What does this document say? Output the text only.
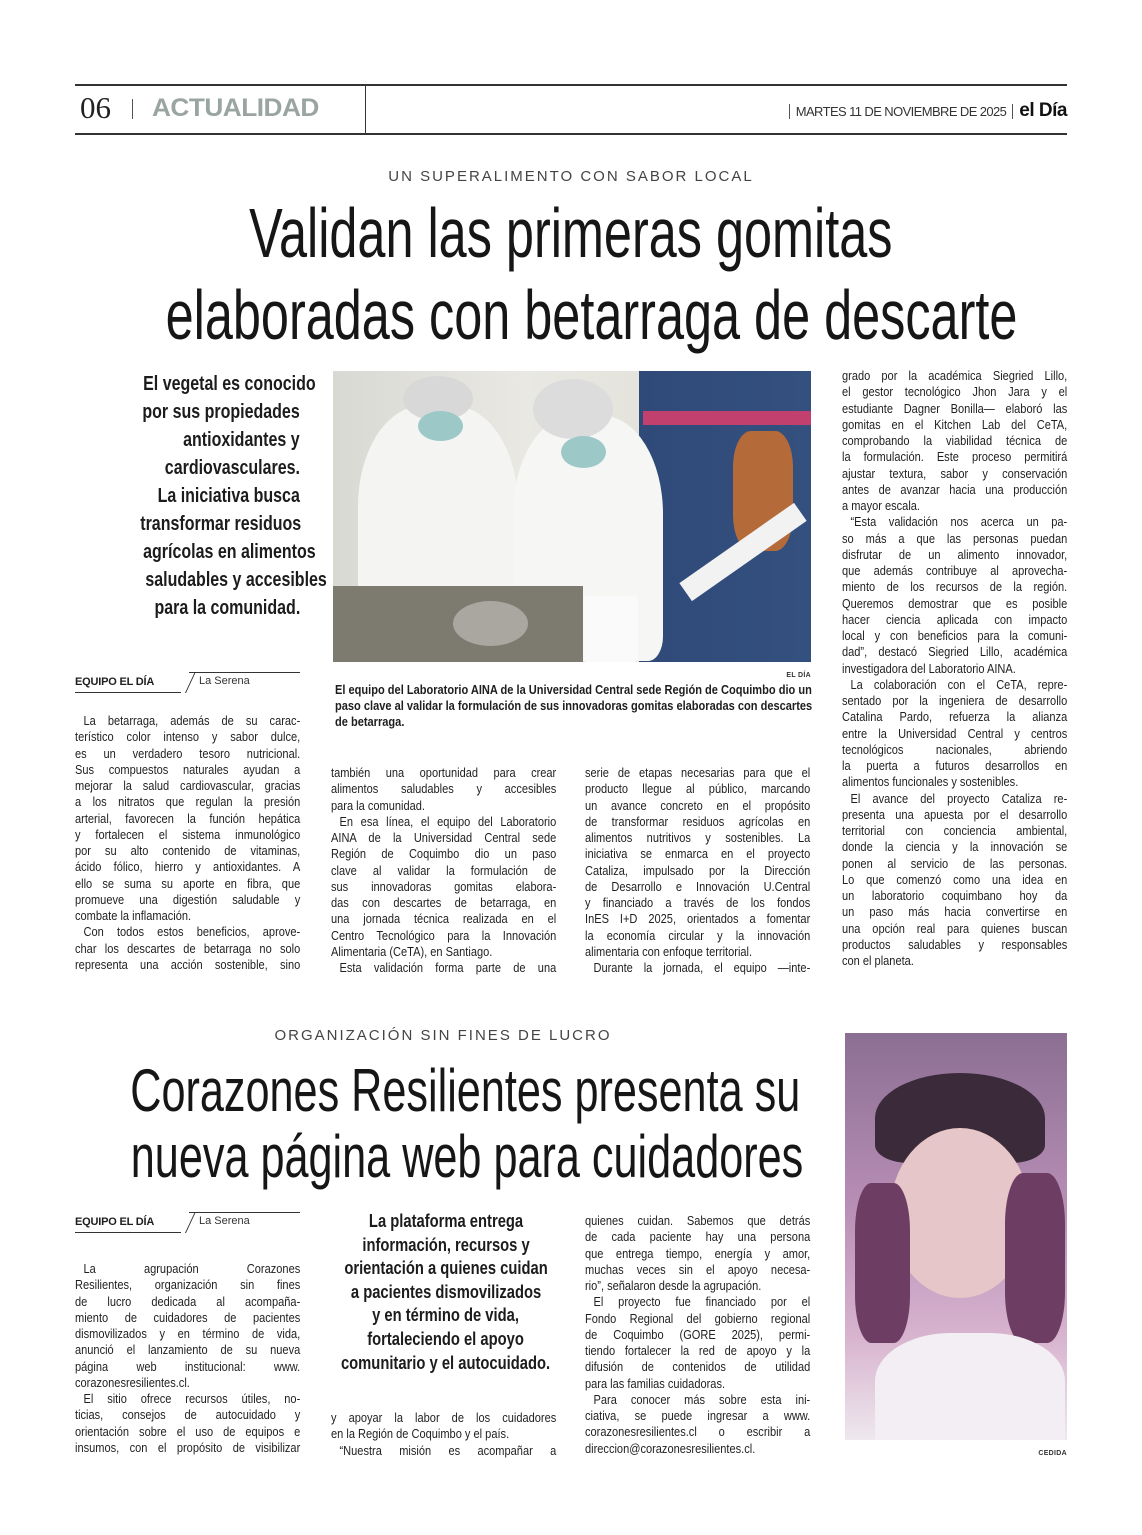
06 ACTUALIDAD	MARTES 11 DE NOVIEMBRE DE 2025 el Día
UN SUPERALIMENTO CON SABOR LOCAL
Validan las primeras gomitas
elaboradas con betarraga de descarte
El vegetal es conocido
por sus propiedades
antioxidantes y
cardiovasculares.
La iniciativa busca
transformar residuos
agrícolas en alimentos
saludables y accesibles
para la comunidad.
EQUIPO EL DÍA	La Serena	EL DÍA
El equipo del Laboratorio AINA de la Universidad Central sede Región de Coquimbo dio un
paso clave al validar la formulación de sus innovadoras gomitas elaboradas con descartes
de betarraga.
La betarraga, además de su carac-
terístico color intenso y sabor dulce,
es un verdadero tesoro nutricional.
Sus compuestos naturales ayudan a
mejorar la salud cardiovascular, gracias
a los nitratos que regulan la presión
arterial, favorecen la función hepática
y fortalecen el sistema inmunológico
por su alto contenido de vitaminas,
ácido fólico, hierro y antioxidantes. A
ello se suma su aporte en fibra, que
promueve una digestión saludable y
combate la inflamación.
Con todos estos beneficios, aprove-
char los descartes de betarraga no solo
representa una acción sostenible, sino
también una oportunidad para crear
alimentos saludables y accesibles
para la comunidad.
En esa línea, el equipo del Laboratorio
AINA de la Universidad Central sede
Región de Coquimbo dio un paso
clave al validar la formulación de
sus innovadoras gomitas elabora-
das con descartes de betarraga, en
una jornada técnica realizada en el
Centro Tecnológico para la Innovación
Alimentaria (CeTA), en Santiago.
Esta validación forma parte de una
serie de etapas necesarias para que el
producto llegue al público, marcando
un avance concreto en el propósito
de transformar residuos agrícolas en
alimentos nutritivos y sostenibles. La
iniciativa se enmarca en el proyecto
Cataliza, impulsado por la Dirección
de Desarrollo e Innovación U.Central
y financiado a través de los fondos
InES I+D 2025, orientados a fomentar
la economía circular y la innovación
alimentaria con enfoque territorial.
Durante la jornada, el equipo —inte-
grado por la académica Siegried Lillo,
el gestor tecnológico Jhon Jara y el
estudiante Dagner Bonilla— elaboró las
gomitas en el Kitchen Lab del CeTA,
comprobando la viabilidad técnica de
la formulación. Este proceso permitirá
ajustar textura, sabor y conservación
antes de avanzar hacia una producción
a mayor escala.
“Esta validación nos acerca un pa-
so más a que las personas puedan
disfrutar de un alimento innovador,
que además contribuye al aprovecha-
miento de los recursos de la región.
Queremos demostrar que es posible
hacer ciencia aplicada con impacto
local y con beneficios para la comuni-
dad”, destacó Siegried Lillo, académica
investigadora del Laboratorio AINA.
La colaboración con el CeTA, repre-
sentado por la ingeniera de desarrollo
Catalina Pardo, refuerza la alianza
entre la Universidad Central y centros
tecnológicos nacionales, abriendo
la puerta a futuros desarrollos en
alimentos funcionales y sostenibles.
El avance del proyecto Cataliza re-
presenta una apuesta por el desarrollo
territorial con conciencia ambiental,
donde la ciencia y la innovación se
ponen al servicio de las personas.
Lo que comenzó como una idea en
un laboratorio coquimbano hoy da
un paso más hacia convertirse en
una opción real para quienes buscan
productos saludables y responsables
con el planeta.
ORGANIZACIÓN SIN FINES DE LUCRO
Corazones Resilientes presenta su
nueva página web para cuidadores
EQUIPO EL DÍA	La Serena	La plataforma entrega
información, recursos y
orientación a quienes cuidan
a pacientes dismovilizados
y en término de vida,
fortaleciendo el apoyo
comunitario y el autocuidado.
La agrupación Corazones
Resilientes, organización sin fines
de lucro dedicada al acompaña-
miento de cuidadores de pacientes
dismovilizados y en término de vida,
anunció el lanzamiento de su nueva
página web institucional: www.
corazonesresilientes.cl.
El sitio ofrece recursos útiles, no-
ticias, consejos de autocuidado y
orientación sobre el uso de equipos e
insumos, con el propósito de visibilizar
y apoyar la labor de los cuidadores
en la Región de Coquimbo y el país.
“Nuestra misión es acompañar a
quienes cuidan. Sabemos que detrás
de cada paciente hay una persona
que entrega tiempo, energía y amor,
muchas veces sin el apoyo necesa-
rio”, señalaron desde la agrupación.
El proyecto fue financiado por el
Fondo Regional del gobierno regional
de Coquimbo (GORE 2025), permi-
tiendo fortalecer la red de apoyo y la
difusión de contenidos de utilidad
para las familias cuidadoras.
Para conocer más sobre esta ini-
ciativa, se puede ingresar a www.
corazonesresilientes.cl o escribir a
direccion@corazonesresilientes.cl.	CEDIDA
